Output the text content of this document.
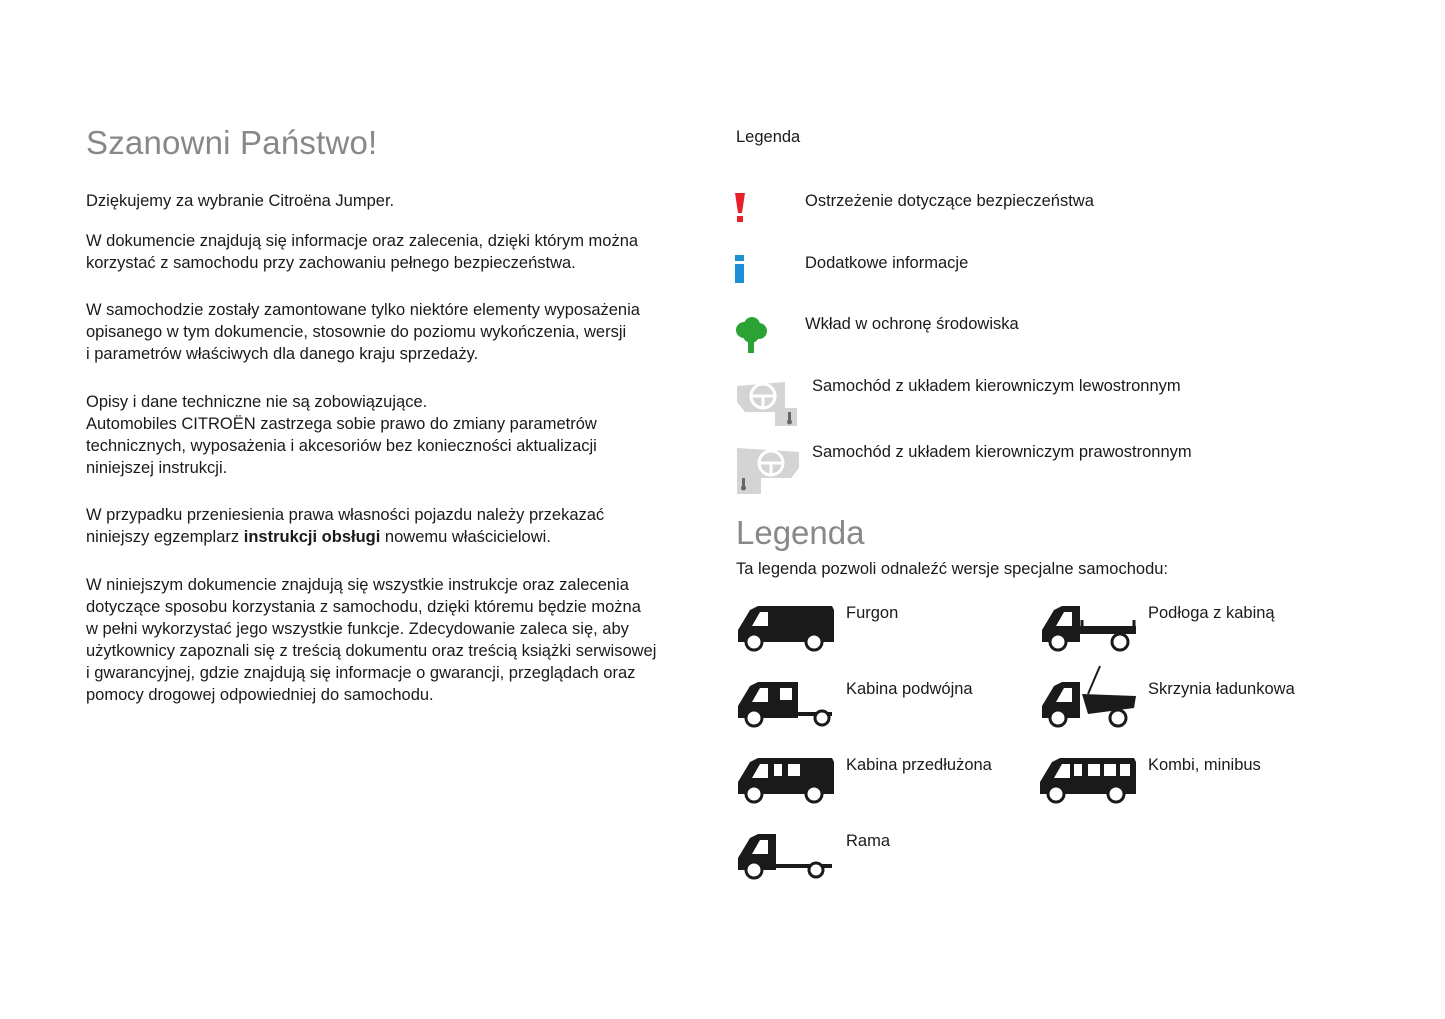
Szanowni Państwo!

Dziękujemy za wybranie Citroëna Jumper.

W dokumencie znajdują się informacje oraz zalecenia, dzięki którym można
korzystać z samochodu przy zachowaniu pełnego bezpieczeństwa.
W samochodzie zostały zamontowane tylko niektóre elementy wyposażenia
opisanego w tym dokumencie, stosownie do poziomu wykończenia, wersji
i parametrów właściwych dla danego kraju sprzedaży.
Opisy i dane techniczne nie są zobowiązujące.
Automobiles CITROËN zastrzega sobie prawo do zmiany parametrów
technicznych, wyposażenia i akcesoriów bez konieczności aktualizacji
niniejszej instrukcji.
W przypadku przeniesienia prawa własności pojazdu należy przekazać
niniejszy egzemplarz instrukcji obsługi nowemu właścicielowi.
W niniejszym dokumencie znajdują się wszystkie instrukcje oraz zalecenia
dotyczące sposobu korzystania z samochodu, dzięki któremu będzie można
w pełni wykorzystać jego wszystkie funkcje. Zdecydowanie zaleca się, aby
użytkownicy zapoznali się z treścią dokumentu oraz treścią książki serwisowej
i gwarancyjnej, gdzie znajdują się informacje o gwarancji, przeglądach oraz
pomocy drogowej odpowiedniej do samochodu.
Legenda
Ostrzeżenie dotyczące bezpieczeństwa
Dodatkowe informacje
Wkład w ochronę środowiska
Samochód z układem kierowniczym lewostronnym
Samochód z układem kierowniczym prawostronnym
Legenda
Ta legenda pozwoli odnaleźć wersje specjalne samochodu:
Furgon	Podłoga z kabiną
Kabina podwójna	Skrzynia ładunkowa
Kabina przedłużona	Kombi, minibus
Rama
